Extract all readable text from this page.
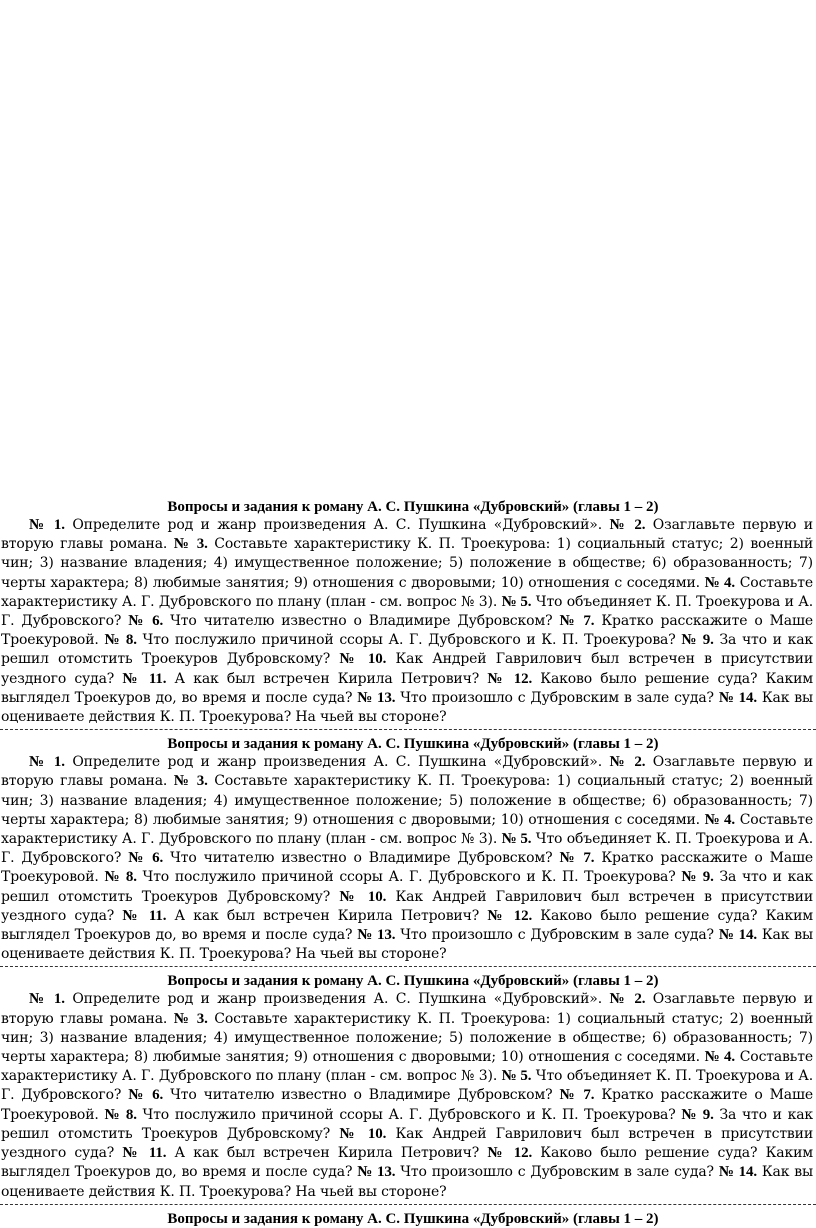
Вопросы и задания к роману А. С. Пушкина «Дубровский» (главы 1 – 2)

№ 1. Определите род и жанр произведения А. С. Пушкина «Дубровский». № 2. Озаглавьте первую и вторую главы романа. № 3. Составьте характеристику К. П. Троекурова: 1) социальный статус; 2) военный чин; 3) название владения; 4) имущественное положение; 5) положение в обществе; 6) образованность; 7) черты характера; 8) любимые занятия; 9) отношения с дворовыми; 10) отношения с соседями. № 4. Составьте характеристику А. Г. Дубровского по плану (план - см. вопрос № 3). № 5. Что объединяет К. П. Троекурова и А. Г. Дубровского? № 6. Что читателю известно о Владимире Дубровском? № 7. Кратко расскажите о Маше Троекуровой. № 8. Что послужило причиной ссоры А. Г. Дубровского и К. П. Троекурова? № 9. За что и как решил отомстить Троекуров Дубровскому? № 10. Как Андрей Гаврилович был встречен в присутствии уездного суда? № 11. А как был встречен Кирила Петрович? № 12. Каково было решение суда? Каким выглядел Троекуров до, во время и после суда? № 13. Что произошло с Дубровским в зале суда? № 14. Как вы оцениваете действия К. П. Троекурова? На чьей вы стороне?

Вопросы и задания к роману А. С. Пушкина «Дубровский» (главы 1 – 2)

№ 1. Определите род и жанр произведения А. С. Пушкина «Дубровский». № 2. Озаглавьте первую и вторую главы романа. № 3. Составьте характеристику К. П. Троекурова: 1) социальный статус; 2) военный чин; 3) название владения; 4) имущественное положение; 5) положение в обществе; 6) образованность; 7) черты характера; 8) любимые занятия; 9) отношения с дворовыми; 10) отношения с соседями. № 4. Составьте характеристику А. Г. Дубровского по плану (план - см. вопрос № 3). № 5. Что объединяет К. П. Троекурова и А. Г. Дубровского? № 6. Что читателю известно о Владимире Дубровском? № 7. Кратко расскажите о Маше Троекуровой. № 8. Что послужило причиной ссоры А. Г. Дубровского и К. П. Троекурова? № 9. За что и как решил отомстить Троекуров Дубровскому? № 10. Как Андрей Гаврилович был встречен в присутствии уездного суда? № 11. А как был встречен Кирила Петрович? № 12. Каково было решение суда? Каким выглядел Троекуров до, во время и после суда? № 13. Что произошло с Дубровским в зале суда? № 14. Как вы оцениваете действия К. П. Троекурова? На чьей вы стороне?

Вопросы и задания к роману А. С. Пушкина «Дубровский» (главы 1 – 2)

№ 1. Определите род и жанр произведения А. С. Пушкина «Дубровский». № 2. Озаглавьте первую и вторую главы романа. № 3. Составьте характеристику К. П. Троекурова: 1) социальный статус; 2) военный чин; 3) название владения; 4) имущественное положение; 5) положение в обществе; 6) образованность; 7) черты характера; 8) любимые занятия; 9) отношения с дворовыми; 10) отношения с соседями. № 4. Составьте характеристику А. Г. Дубровского по плану (план - см. вопрос № 3). № 5. Что объединяет К. П. Троекурова и А. Г. Дубровского? № 6. Что читателю известно о Владимире Дубровском? № 7. Кратко расскажите о Маше Троекуровой. № 8. Что послужило причиной ссоры А. Г. Дубровского и К. П. Троекурова? № 9. За что и как решил отомстить Троекуров Дубровскому? № 10. Как Андрей Гаврилович был встречен в присутствии уездного суда? № 11. А как был встречен Кирила Петрович? № 12. Каково было решение суда? Каким выглядел Троекуров до, во время и после суда? № 13. Что произошло с Дубровским в зале суда? № 14. Как вы оцениваете действия К. П. Троекурова? На чьей вы стороне?

Вопросы и задания к роману А. С. Пушкина «Дубровский» (главы 1 – 2)
